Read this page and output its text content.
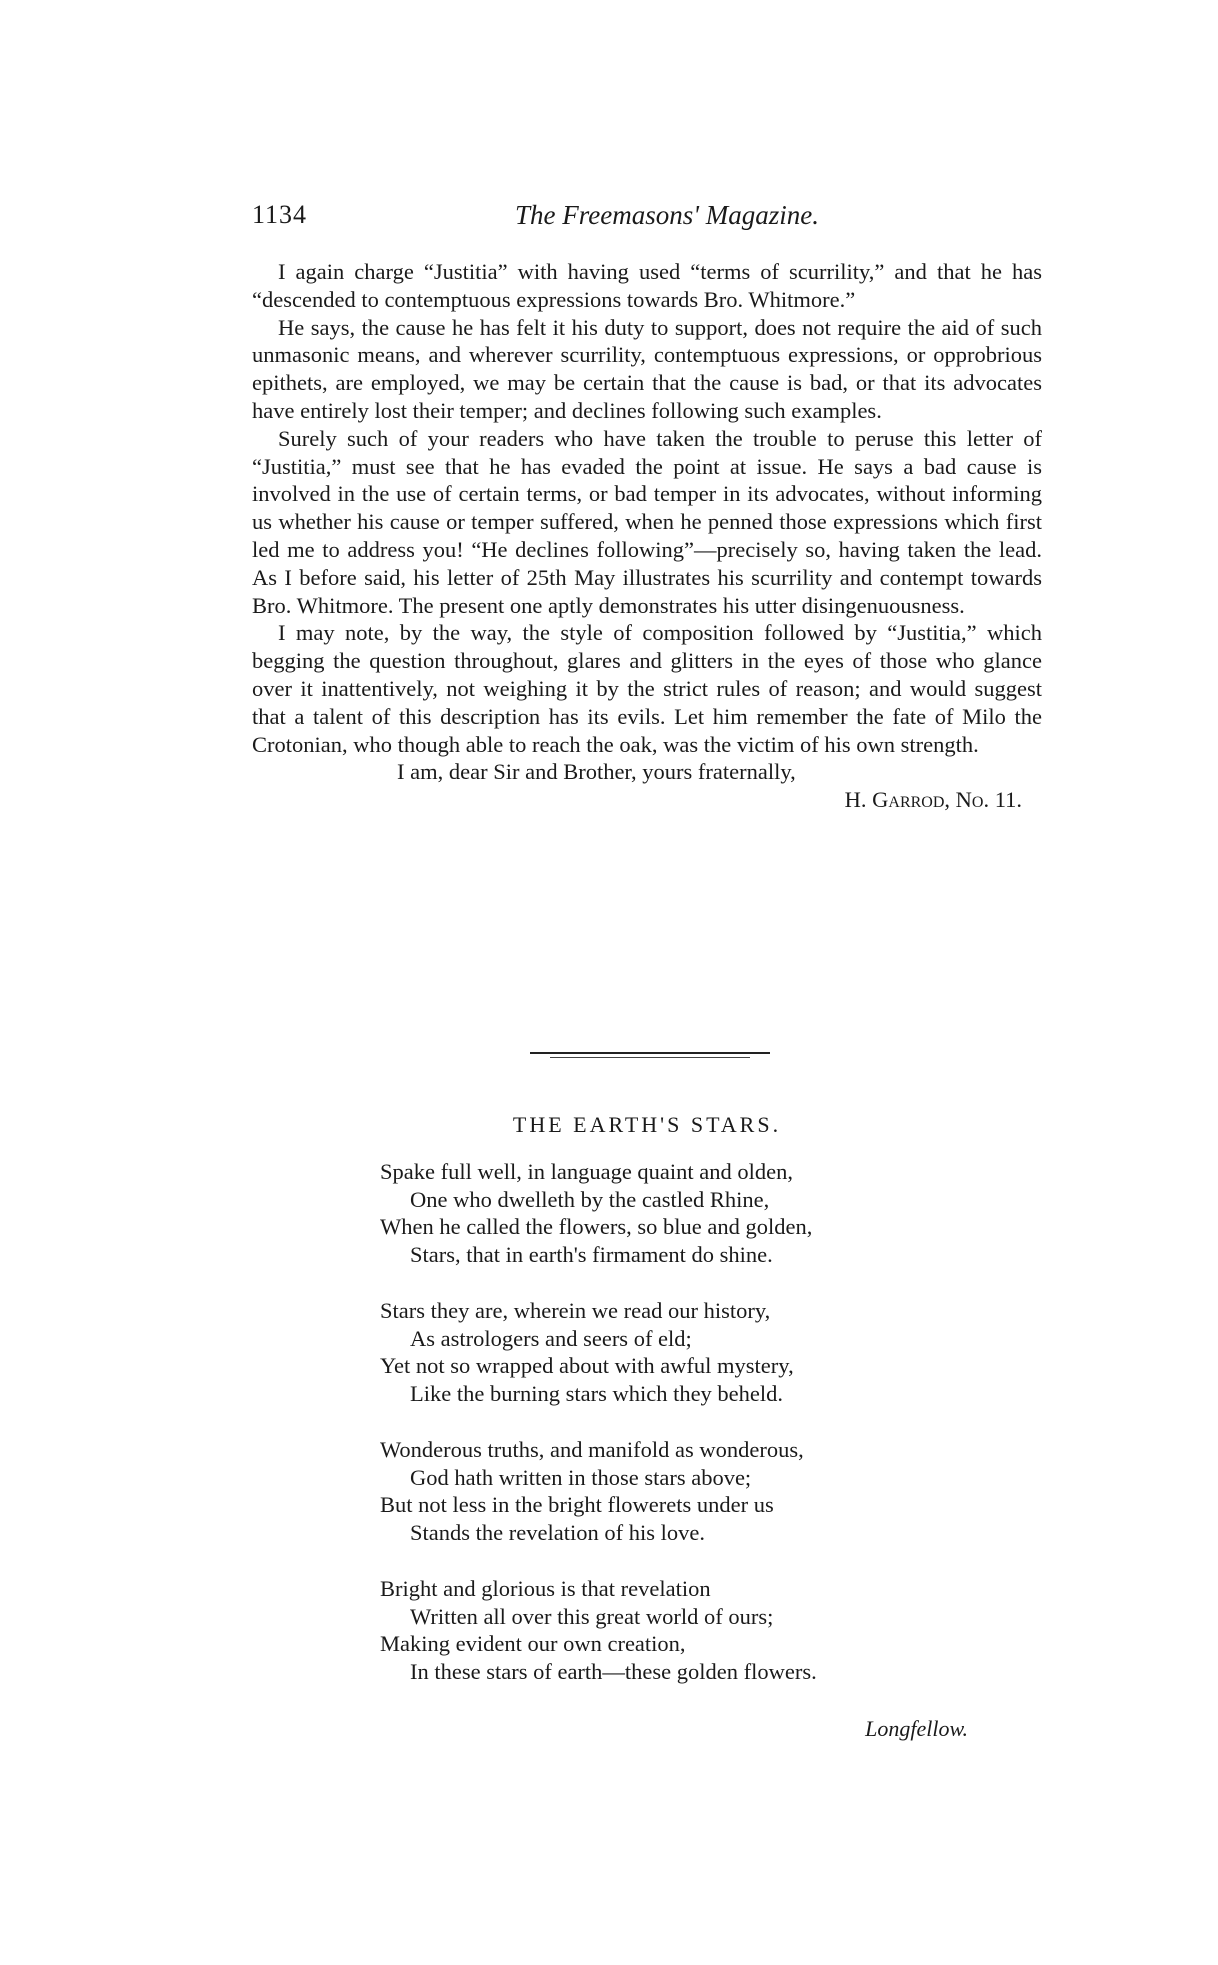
1134	The Freemasons' Magazine.

I again charge “Justitia” with having used “terms of scurrility,” and that he has “descended to contemptuous expressions towards Bro. Whitmore.”

He says, the cause he has felt it his duty to support, does not require the aid of such unmasonic means, and wherever scurrility, contemptuous expressions, or opprobrious epithets, are employed, we may be certain that the cause is bad, or that its advocates have entirely lost their temper; and declines following such examples.

Surely such of your readers who have taken the trouble to peruse this letter of “Justitia,” must see that he has evaded the point at issue. He says a bad cause is involved in the use of certain terms, or bad temper in its advocates, without informing us whether his cause or temper suffered, when he penned those expressions which first led me to address you! “He declines following”—precisely so, having taken the lead. As I before said, his letter of 25th May illustrates his scurrility and contempt towards Bro. Whitmore. The present one aptly demonstrates his utter disingenuousness.

I may note, by the way, the style of composition followed by “Justitia,” which begging the question throughout, glares and glitters in the eyes of those who glance over it inattentively, not weighing it by the strict rules of reason; and would suggest that a talent of this description has its evils. Let him remember the fate of Milo the Crotonian, who though able to reach the oak, was the victim of his own strength.

I am, dear Sir and Brother, yours fraternally,

H. Garrod, No. 11.

THE EARTH'S STARS.
Spake full well, in language quaint and olden,
One who dwelleth by the castled Rhine,
When he called the flowers, so blue and golden,
Stars, that in earth's firmament do shine.
Stars they are, wherein we read our history,
As astrologers and seers of eld;
Yet not so wrapped about with awful mystery,
Like the burning stars which they beheld.
Wonderous truths, and manifold as wonderous,
God hath written in those stars above;
But not less in the bright flowerets under us
Stands the revelation of his love.
Bright and glorious is that revelation
Written all over this great world of ours;
Making evident our own creation,
In these stars of earth—these golden flowers.
Longfellow.
